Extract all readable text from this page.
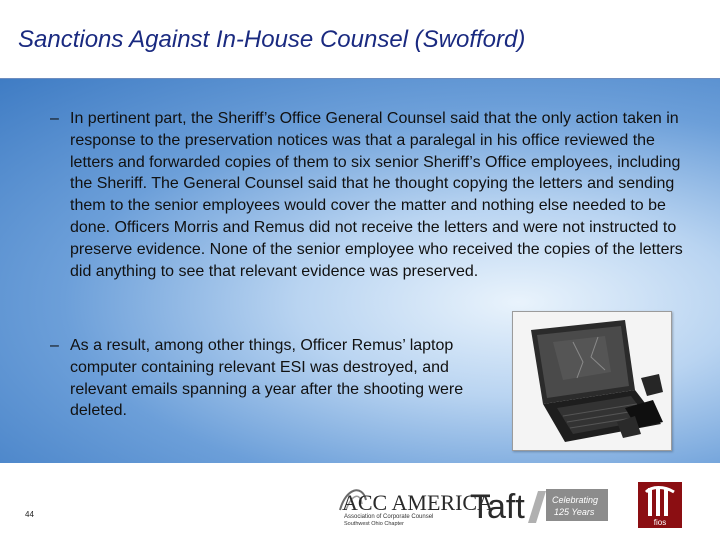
Sanctions Against In-House Counsel (Swofford)
– In pertinent part, the Sheriff’s Office General Counsel said that the only action taken in response to the preservation notices was that a paralegal in his office reviewed the letters and forwarded copies of them to six senior Sheriff’s Office employees, including the Sheriff. The General Counsel said that he thought copying the letters and sending them to the senior employees would cover the matter and nothing else needed to be done. Officers Morris and Remus did not receive the letters and were not instructed to preserve evidence. None of the senior employee who received the copies of the letters did anything to see that relevant evidence was preserved.
– As a result, among other things, Officer Remus’ laptop computer containing relevant ESI was destroyed, and relevant emails spanning a year after the shooting were deleted.
44	ACC AMERICA
Association of Corporate Counsel
Southwest Ohio Chapter Taft	Celebrating
125 Years
fios
